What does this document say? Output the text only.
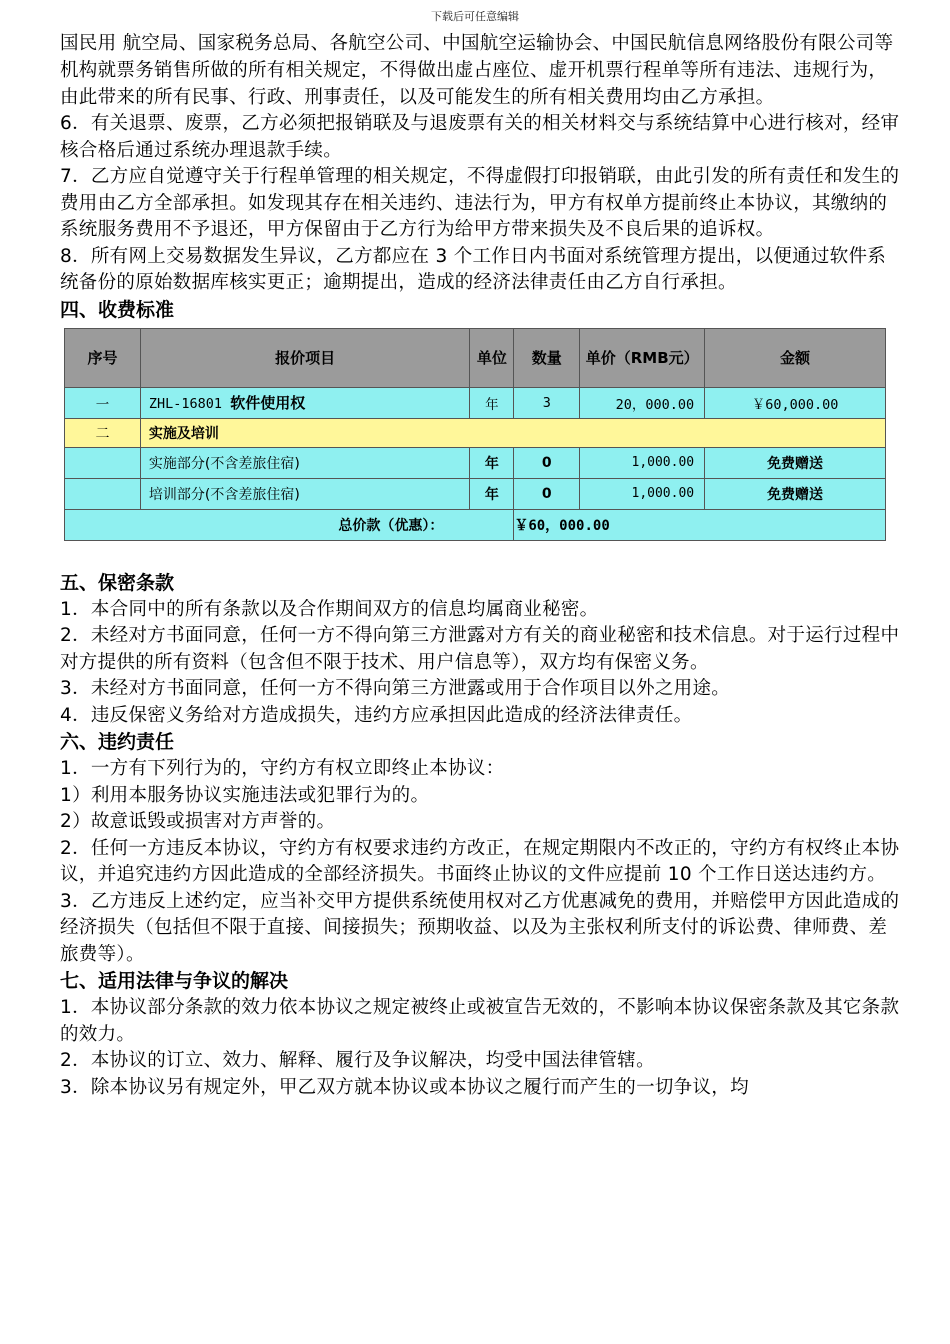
下载后可任意编辑

国民用 航空局、国家税务总局、各航空公司、中国航空运输协会、中国民航信息网络股份有限公司等机构就票务销售所做的所有相关规定，不得做出虚占座位、虚开机票行程单等所有违法、违规行为，由此带来的所有民事、行政、刑事责任，以及可能发生的所有相关费用均由乙方承担。

6．有关退票、废票，乙方必须把报销联及与退废票有关的相关材料交与系统结算中心进行核对，经审核合格后通过系统办理退款手续。

7．乙方应自觉遵守关于行程单管理的相关规定，不得虚假打印报销联，由此引发的所有责任和发生的费用由乙方全部承担。如发现其存在相关违约、违法行为，甲方有权单方提前终止本协议，其缴纳的系统服务费用不予退还，甲方保留由于乙方行为给甲方带来损失及不良后果的追诉权。

8．所有网上交易数据发生异议，乙方都应在 3 个工作日内书面对系统管理方提出，以便通过软件系统备份的原始数据库核实更正；逾期提出，造成的经济法律责任由乙方自行承担。

四、收费标准
序号	报价项目	单位	数量	单价（RMB元）	金额
一	ZHL-16801 软件使用权	年	3	20，000.00	￥60,000.00
二	实施及培训				
	实施部分(不含差旅住宿)	年	0	1,000.00	免费赠送
	培训部分(不含差旅住宿)	年	0	1,000.00	免费赠送
总价款（优惠）：			￥60，000.00		
五、保密条款

1．本合同中的所有条款以及合作期间双方的信息均属商业秘密。

2．未经对方书面同意，任何一方不得向第三方泄露对方有关的商业秘密和技术信息。对于运行过程中对方提供的所有资料（包含但不限于技术、用户信息等），双方均有保密义务。

3．未经对方书面同意，任何一方不得向第三方泄露或用于合作项目以外之用途。

4．违反保密义务给对方造成损失，违约方应承担因此造成的经济法律责任。

六、违约责任

1．一方有下列行为的，守约方有权立即终止本协议：

1）利用本服务协议实施违法或犯罪行为的。

2）故意诋毁或损害对方声誉的。

2．任何一方违反本协议，守约方有权要求违约方改正，在规定期限内不改正的，守约方有权终止本协议，并追究违约方因此造成的全部经济损失。书面终止协议的文件应提前 10 个工作日送达违约方。

3．乙方违反上述约定，应当补交甲方提供系统使用权对乙方优惠减免的费用，并赔偿甲方因此造成的经济损失（包括但不限于直接、间接损失；预期收益、以及为主张权利所支付的诉讼费、律师费、差旅费等）。

七、适用法律与争议的解决

1．本协议部分条款的效力依本协议之规定被终止或被宣告无效的，不影响本协议保密条款及其它条款的效力。

2．本协议的订立、效力、解释、履行及争议解决，均受中国法律管辖。

3．除本协议另有规定外，甲乙双方就本协议或本协议之履行而产生的一切争议，均
